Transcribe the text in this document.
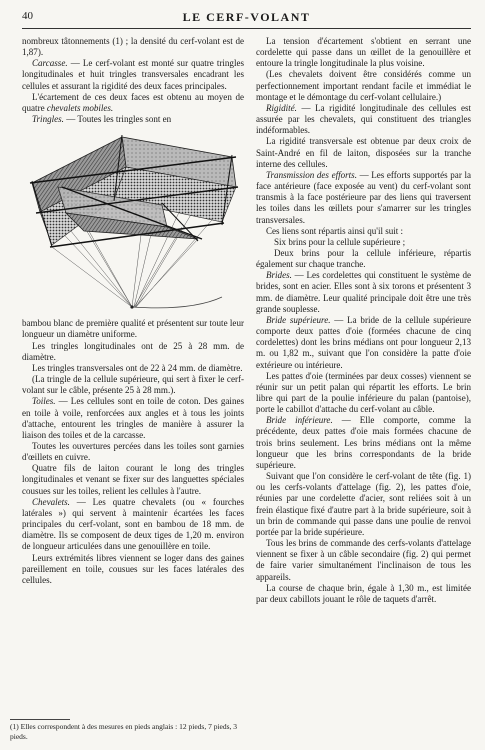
40	LE CERF-VOLANT

nombreux tâtonnements (1) ; la densité du cerf-volant est de 1,87).

Carcasse. — Le cerf-volant est monté sur quatre tringles longitudinales et huit tringles transversales encadrant les cellules et assurant la rigidité des deux faces principales.

L'écartement de ces deux faces est obtenu au moyen de quatre chevalets mobiles.

Tringles. — Toutes les tringles sont en

bambou blanc de première qualité et présentent sur toute leur longueur un diamètre uniforme.

Les tringles longitudinales ont de 25 à 28 mm. de diamètre.

Les tringles transversales ont de 22 à 24 mm. de diamètre.

(La tringle de la cellule supérieure, qui sert à fixer le cerf-volant sur le câble, présente 25 à 28 mm.).

Toiles. — Les cellules sont en toile de coton. Des gaines en toile à voile, renforcées aux angles et à tous les joints d'attache, entourent les tringles de manière à assurer la liaison des toiles et de la carcasse.

Toutes les ouvertures percées dans les toiles sont garnies d'œillets en cuivre.

Quatre fils de laiton courant le long des tringles longitudinales et venant se fixer sur des languettes spéciales cousues sur les toiles, relient les cellules à l'autre.

Chevalets. — Les quatre chevalets (ou « fourches latérales ») qui servent à maintenir écartées les faces principales du cerf-volant, sont en bambou de 18 mm. de diamètre. Ils se composent de deux tiges de 1,20 m. environ de longueur articulées dans une genouillère en toile.

Leurs extrémités libres viennent se loger dans des gaines pareillement en toile, cousues sur les faces latérales des cellules.

(1) Elles correspondent à des mesures en pieds anglais : 12 pieds, 7 pieds, 3 pieds.

La tension d'écartement s'obtient en serrant une cordelette qui passe dans un œillet de la genouillère et entoure la tringle longitudinale la plus voisine.

(Les chevalets doivent être considérés comme un perfectionnement important rendant facile et immédiat le montage et le démontage du cerf-volant cellulaire.)

Rigidité. — La rigidité longitudinale des cellules est assurée par les chevalets, qui constituent des triangles indéformables.

La rigidité transversale est obtenue par deux croix de Saint-André en fil de laiton, disposées sur la tranche interne des cellules.

Transmission des efforts. — Les efforts supportés par la face antérieure (face exposée au vent) du cerf-volant sont transmis à la face postérieure par des liens qui traversent les toiles dans les œillets pour s'amarrer sur les tringles transversales.

Ces liens sont répartis ainsi qu'il suit :

Six brins pour la cellule supérieure ;

Deux brins pour la cellule inférieure, répartis également sur chaque tranche.

Brides. — Les cordelettes qui constituent le système de brides, sont en acier. Elles sont à six torons et présentent 3 mm. de diamètre. Leur qualité principale doit être une très grande souplesse.

Bride supérieure. — La bride de la cellule supérieure comporte deux pattes d'oie (formées chacune de cinq cordelettes) dont les brins médians ont pour longueur 2,13 m. ou 1,82 m., suivant que l'on considère la patte d'oie extérieure ou intérieure.

Les pattes d'oie (terminées par deux cosses) viennent se réunir sur un petit palan qui répartit les efforts. Le brin libre qui part de la poulie inférieure du palan (pantoise), porte le cabillot d'attache du cerf-volant au câble.

Bride inférieure. — Elle comporte, comme la précédente, deux pattes d'oie mais formées chacune de trois brins seulement. Les brins médians ont la même longueur que les brins correspondants de la bride supérieure.

Suivant que l'on considère le cerf-volant de tête (fig. 1) ou les cerfs-volants d'attelage (fig. 2), les pattes d'oie, réunies par une cordelette d'acier, sont reliées soit à un frein élastique fixé d'autre part à la bride supérieure, soit à un brin de commande qui passe dans une poulie de renvoi portée par la bride supérieure.

Tous les brins de commande des cerfs-volants d'attelage viennent se fixer à un câble secondaire (fig. 2) qui permet de faire varier simultanément l'inclinaison de tous les appareils.

La course de chaque brin, égale à 1,30 m., est limitée par deux cabillots jouant le rôle de taquets d'arrêt.
